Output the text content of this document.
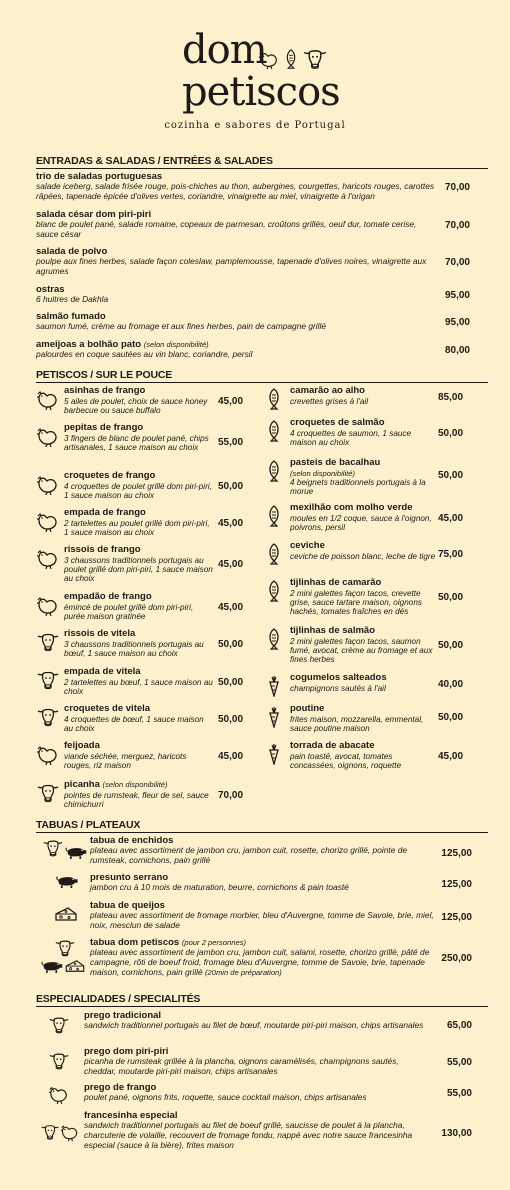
dom
petiscos
cozinha e sabores de Portugal
ENTRADAS & SALADAS / ENTRÉES & SALADES
trio de saladas portuguesas
salade iceberg, salade frisée rouge, pois-chiches au thon, aubergines, courgettes, haricots rouges, carottes râpées, tapenade épicée d'olives vertes, coriandre, vinaigrette au miel, vinaigrette à l'origan
70,00
salada césar dom piri-piri
blanc de poulet pané, salade romaine, copeaux de parmesan, croûtons grillés, oeuf dur, tomate cerise, sauce césar
70,00
salada de polvo
poulpe aux fines herbes, salade façon coleslaw, pamplemousse, tapenade d'olives noires, vinaigrette aux agrumes
70,00
ostras
6 huitres de Dakhla	95,00
salmão fumado
saumon fumé, crème au fromage et aux fines herbes, pain de campagne grillé	95,00
ameijoas a bolhão pato (selon disponibilité)
palourdes en coque sautées au vin blanc, coriandre, persil	80,00
PETISCOS / SUR LE POUCE
asinhas de frango
5 ailes de poulet, choix de sauce honey barbecue ou sauce buffalo
45,00
pepitas de frango
3 fingers de blanc de poulet pané, chips artisanales, 1 sauce maison au choix	55,00
croquetes de frango
4 croquettes de poulet grillé dom piri-piri, 1 sauce maison au choix
50,00
empada de frango
2 tartelettes au poulet grillé dom piri-piri, 1 sauce maison au choix
45,00
rissois de frango
3 chaussons traditionnels portugais au poulet grillé dom piri-piri, 1 sauce maison au choix
45,00
empadão de frango
émincé de poulet grillé dom piri-piri, purée maison gratinée
45,00
rissois de vitela
3 chaussons traditionnels portugais au bœuf, 1 sauce maison au choix
50,00
empada de vitela
2 tartelettes au bœuf, 1 sauce maison au choix
50,00
croquetes de vitela
4 croquettes de bœuf, 1 sauce maison au choix
50,00
feijoada
viande séchée, merguez, haricots rouges, riz maison
45,00
picanha (selon disponibilité)
pointes de rumsteak, fleur de sel, sauce chimichurri
70,00
camarão ao alho
crevettes grises à l'ail	85,00
croquetes de salmão
4 croquettes de saumon, 1 sauce maison au choix
50,00
pasteis de bacalhau
(selon disponibilité)
4 beignets traditionnels portugais à la morue
50,00
mexilhão com molho verde
moules en 1/2 coque, sauce à l'oignon, poivrons, persil
45,00
ceviche
ceviche de poisson blanc, leche de tigre 75,00
tijlinhas de camarão
2 mini galettes façon tacos, crevette grise, sauce tartare maison, oignons hachés, tomates fraîches en dés
50,00
tijlinhas de salmão
2 mini galettes façon tacos, saumon fumé, avocat, crème au fromage et aux fines herbes
50,00
cogumelos salteados
champignons sautés à l'ail	40,00
poutine
frites maison, mozzarella, emmental, sauce poutine maison
50,00
torrada de abacate
pain toasté, avocat, tomates concassées, oignons, roquette
45,00
TABUAS / PLATEAUX
tabua de enchidos
plateau avec assortiment de jambon cru, jambon cuit, rosette, chorizo grillé, pointe de rumsteak, cornichons, pain grillé
125,00
presunto serrano
jambon cru à 10 mois de maturation, beurre, cornichons & pain toasté	125,00
tabua de queijos
plateau avec assortiment de fromage morbier, bleu d'Auvergne, tomme de Savoie, brie, miel, noix, mesclun de salade
125,00
tabua dom petiscos (pour 2 personnes)
plateau avec assortiment de jambon cru, jambon cuit, salami, rosette, chorizo grillé, pâté de campagne, rôti de boeuf froid, fromage bleu d'Auvergne, tomme de Savoie, brie, tapenade maison, cornichons, pain grillé (20min de préparation)
250,00
ESPECIALIDADES / SPECIALITÉS
prego tradicional
sandwich traditionnel portugais au filet de bœuf, moutarde piri-piri maison, chips artisanales	65,00
prego dom piri-piri
picanha de rumsteak grillée à la plancha, oignons caramélisés, champignons sautés, cheddar, moutarde piri-piri maison, chips artisanales
55,00
prego de frango
poulet pané, oignons frits, roquette, sauce cocktail maison, chips artisanales	55,00
francesinha especial
sandwich traditionnel portugais au filet de boeuf grillé, saucisse de poulet à la plancha, charcuterie de volaille, recouvert de fromage fondu, nappé avec notre sauce francesinha especial (sauce à la bière), frites maison
130,00
